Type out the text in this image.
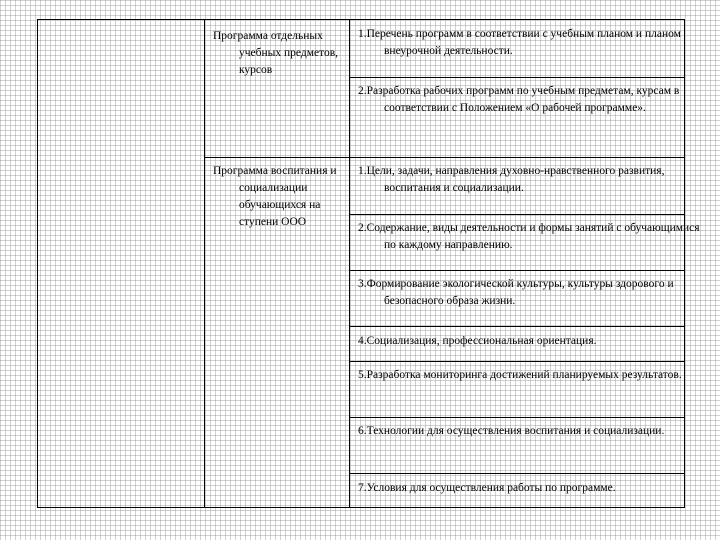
Программа отдельных учебных предметов, курсов
1.Перечень программ в соответствии с учебным планом и планом внеурочной деятельности.
2.Разработка рабочих программ по учебным предметам, курсам в соответствии с Положением «О рабочей программе».
Программа воспитания и социализации обучающихся на ступени ООО
1.Цели, задачи, направления духовно-нравственного развития, воспитания и социализации.
2.Содержание, виды деятельности и формы занятий с обучающимися по каждому направлению.
3.Формирование экологической культуры, культуры здорового и безопасного образа жизни.
4.Социализация, профессиональная ориентация.
5.Разработка мониторинга достижений планируемых результатов.
6.Технологии для осуществления воспитания и социализации.
7.Условия для осуществления работы по программе.
